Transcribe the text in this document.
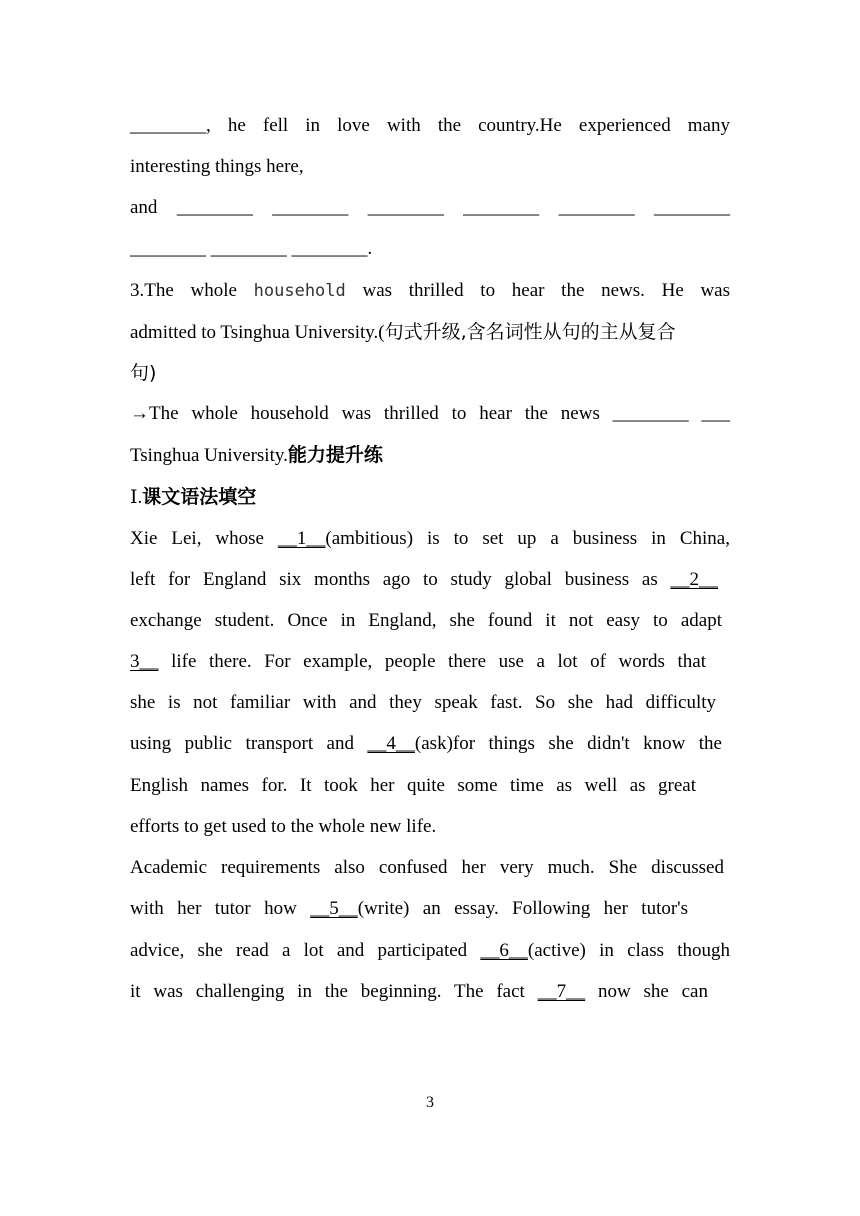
________, he fell in love with the country.He experienced many
interesting things here,
and ________ ________ ________ ________ ________ ________
________ ________ ________.
3.The whole household was thrilled to hear the news. He was
admitted to Tsinghua University.(句式升级,含名词性从句的主从复合
句)
→The whole household was thrilled to hear the news ________ ___
Tsinghua University.能力提升练
Ⅰ.课文语法填空
Xie Lei, whose __1__(ambitious) is to set up a business in China,
left for England six months ago to study global business as __2__
exchange student. Once in England, she found it not easy to adapt
3__ life there. For example, people there use a lot of words that
she is not familiar with and they speak fast. So she had difficulty
using public transport and __4__(ask)for things she didn't know the
English names for. It took her quite some time as well as great
efforts to get used to the whole new life.
Academic requirements also confused her very much. She discussed
with her tutor how __5__(write) an essay. Following her tutor's
advice, she read a lot and participated __6__(active) in class though
it was challenging in the beginning. The fact __7__ now she can
3
